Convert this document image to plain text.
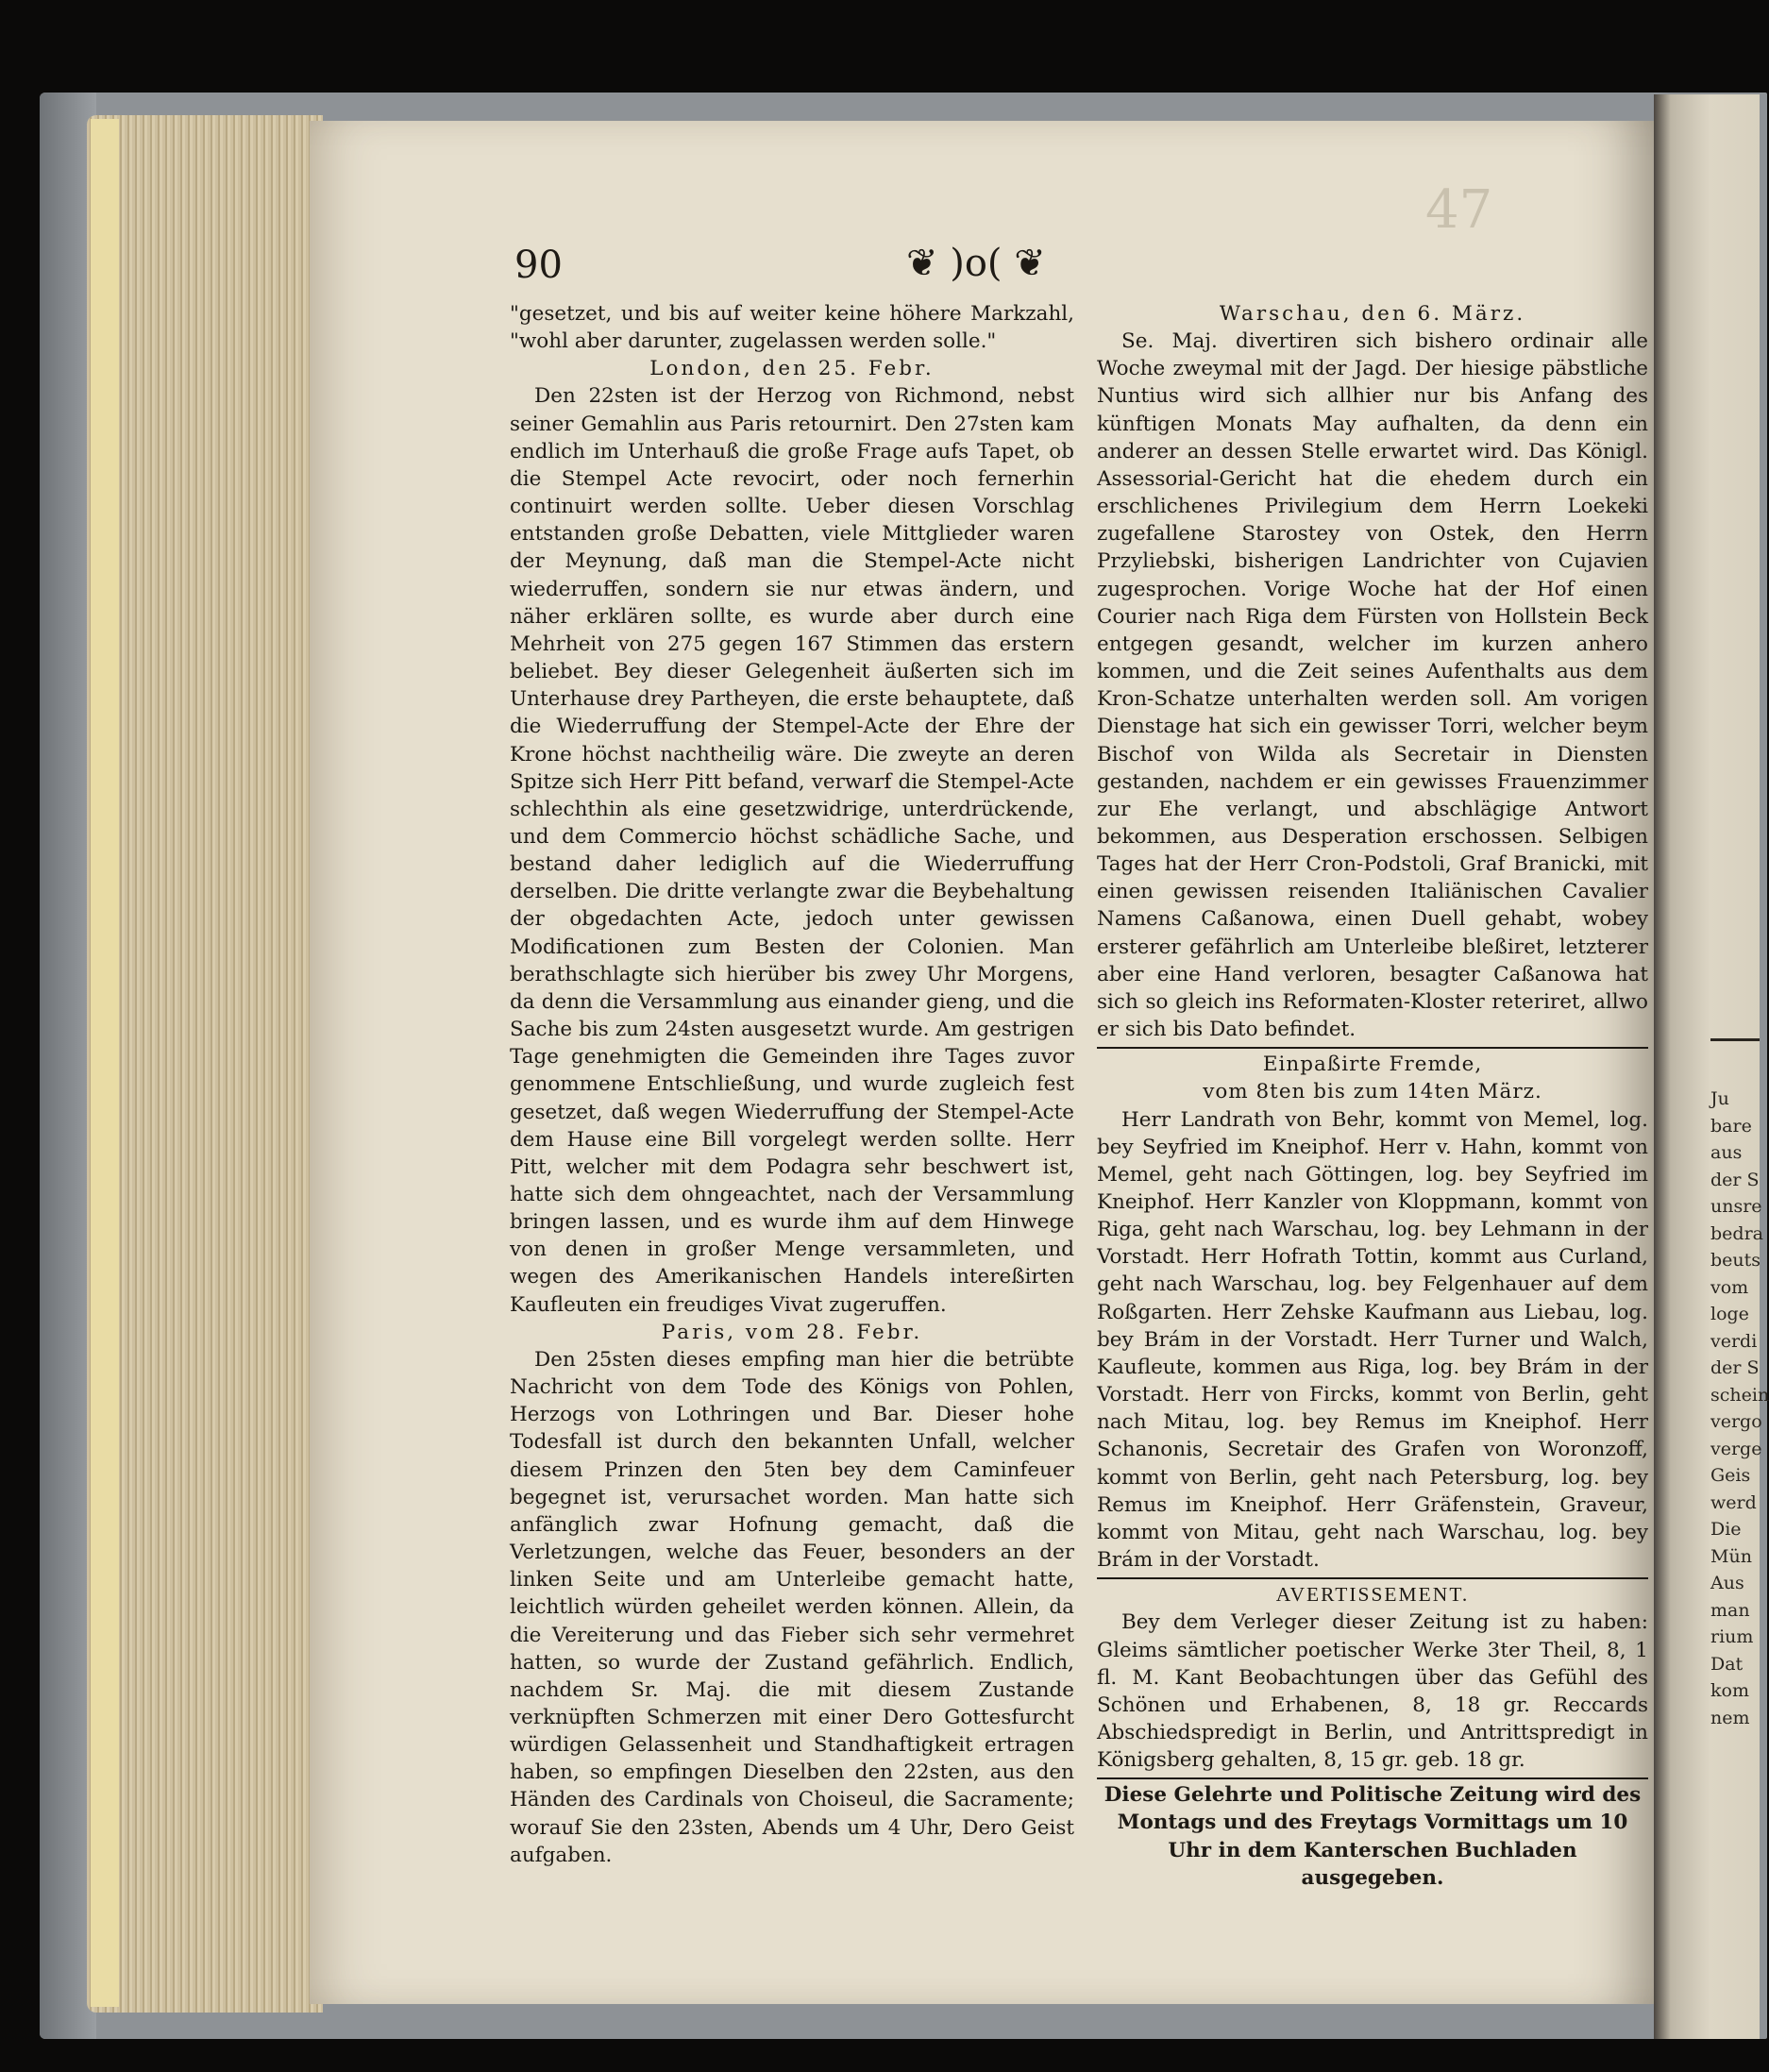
Ju
bare
aus
der S
unsre
bedra
beuts
vom
loge
verdi
der S
schein
vergo
verge
Geis
werd
Die
Mün
Aus
man
rium
Dat
kom
nem
47
90	❦ )o( ❦

"gesetzet, und bis auf weiter keine höhere Markzahl, "wohl aber darunter, zugelassen werden solle."

London, den 25. Febr.

Den 22sten ist der Herzog von Richmond, nebst seiner Gemahlin aus Paris retournirt. Den 27sten kam endlich im Unterhauß die große Frage aufs Tapet, ob die Stempel Acte revocirt, oder noch fernerhin continuirt werden sollte. Ueber diesen Vorschlag entstanden große Debatten, viele Mittglieder waren der Meynung, daß man die Stempel-Acte nicht wiederruffen, sondern sie nur etwas ändern, und näher erklären sollte, es wurde aber durch eine Mehrheit von 275 gegen 167 Stimmen das erstern beliebet. Bey dieser Gelegenheit äußerten sich im Unterhause drey Partheyen, die erste behauptete, daß die Wiederruffung der Stempel-Acte der Ehre der Krone höchst nachtheilig wäre. Die zweyte an deren Spitze sich Herr Pitt befand, verwarf die Stempel-Acte schlechthin als eine gesetzwidrige, unterdrückende, und dem Commercio höchst schädliche Sache, und bestand daher lediglich auf die Wiederruffung derselben. Die dritte verlangte zwar die Beybehaltung der obgedachten Acte, jedoch unter gewissen Modificationen zum Besten der Colonien. Man berathschlagte sich hierüber bis zwey Uhr Morgens, da denn die Versammlung aus einander gieng, und die Sache bis zum 24sten ausgesetzt wurde. Am gestrigen Tage genehmigten die Gemeinden ihre Tages zuvor genommene Entschließung, und wurde zugleich fest gesetzet, daß wegen Wiederruffung der Stempel-Acte dem Hause eine Bill vorgelegt werden sollte. Herr Pitt, welcher mit dem Podagra sehr beschwert ist, hatte sich dem ohngeachtet, nach der Versammlung bringen lassen, und es wurde ihm auf dem Hinwege von denen in großer Menge versammleten, und wegen des Amerikanischen Handels intereßirten Kaufleuten ein freudiges Vivat zugeruffen.

Paris, vom 28. Febr.

Den 25sten dieses empfing man hier die betrübte Nachricht von dem Tode des Königs von Pohlen, Herzogs von Lothringen und Bar. Dieser hohe Todesfall ist durch den bekannten Unfall, welcher diesem Prinzen den 5ten bey dem Caminfeuer begegnet ist, verursachet worden. Man hatte sich anfänglich zwar Hofnung gemacht, daß die Verletzungen, welche das Feuer, besonders an der linken Seite und am Unterleibe gemacht hatte, leichtlich würden geheilet werden können. Allein, da die Vereiterung und das Fieber sich sehr vermehret hatten, so wurde der Zustand gefährlich. Endlich, nachdem Sr. Maj. die mit diesem Zustande verknüpften Schmerzen mit einer Dero Gottesfurcht würdigen Gelassenheit und Standhaftigkeit ertragen haben, so empfingen Dieselben den 22sten, aus den Händen des Cardinals von Choiseul, die Sacramente; worauf Sie den 23sten, Abends um 4 Uhr, Dero Geist aufgaben.

Warschau, den 6. März.

Se. Maj. divertiren sich bishero ordinair alle Woche zweymal mit der Jagd. Der hiesige päbstliche Nuntius wird sich allhier nur bis Anfang des künftigen Monats May aufhalten, da denn ein anderer an dessen Stelle erwartet wird. Das Königl. Assessorial-Gericht hat die ehedem durch ein erschlichenes Privilegium dem Herrn Loekeki zugefallene Starostey von Ostek, den Herrn Przyliebski, bisherigen Landrichter von Cujavien zugesprochen. Vorige Woche hat der Hof einen Courier nach Riga dem Fürsten von Hollstein Beck entgegen gesandt, welcher im kurzen anhero kommen, und die Zeit seines Aufenthalts aus dem Kron-Schatze unterhalten werden soll. Am vorigen Dienstage hat sich ein gewisser Torri, welcher beym Bischof von Wilda als Secretair in Diensten gestanden, nachdem er ein gewisses Frauenzimmer zur Ehe verlangt, und abschlägige Antwort bekommen, aus Desperation erschossen. Selbigen Tages hat der Herr Cron-Podstoli, Graf Branicki, mit einen gewissen reisenden Italiänischen Cavalier Namens Caßanowa, einen Duell gehabt, wobey ersterer gefährlich am Unterleibe bleßiret, letzterer aber eine Hand verloren, besagter Caßanowa hat sich so gleich ins Reformaten-Kloster reteriret, allwo er sich bis Dato befindet.

Einpaßirte Fremde,

vom 8ten bis zum 14ten März.

Herr Landrath von Behr, kommt von Memel, log. bey Seyfried im Kneiphof. Herr v. Hahn, kommt von Memel, geht nach Göttingen, log. bey Seyfried im Kneiphof. Herr Kanzler von Kloppmann, kommt von Riga, geht nach Warschau, log. bey Lehmann in der Vorstadt. Herr Hofrath Tottin, kommt aus Curland, geht nach Warschau, log. bey Felgenhauer auf dem Roßgarten. Herr Zehske Kaufmann aus Liebau, log. bey Brám in der Vorstadt. Herr Turner und Walch, Kaufleute, kommen aus Riga, log. bey Brám in der Vorstadt. Herr von Fircks, kommt von Berlin, geht nach Mitau, log. bey Remus im Kneiphof. Herr Schanonis, Secretair des Grafen von Woronzoff, kommt von Berlin, geht nach Petersburg, log. bey Remus im Kneiphof. Herr Gräfenstein, Graveur, kommt von Mitau, geht nach Warschau, log. bey Brám in der Vorstadt.

AVERTISSEMENT.

Bey dem Verleger dieser Zeitung ist zu haben: Gleims sämtlicher poetischer Werke 3ter Theil, 8, 1 fl. M. Kant Beobachtungen über das Gefühl des Schönen und Erhabenen, 8, 18 gr. Reccards Abschiedspredigt in Berlin, und Antrittspredigt in Königsberg gehalten, 8, 15 gr. geb. 18 gr.

Diese Gelehrte und Politische Zeitung wird des Montags und des Freytags Vormittags um 10 Uhr in dem Kanterschen Buchladen ausgegeben.
